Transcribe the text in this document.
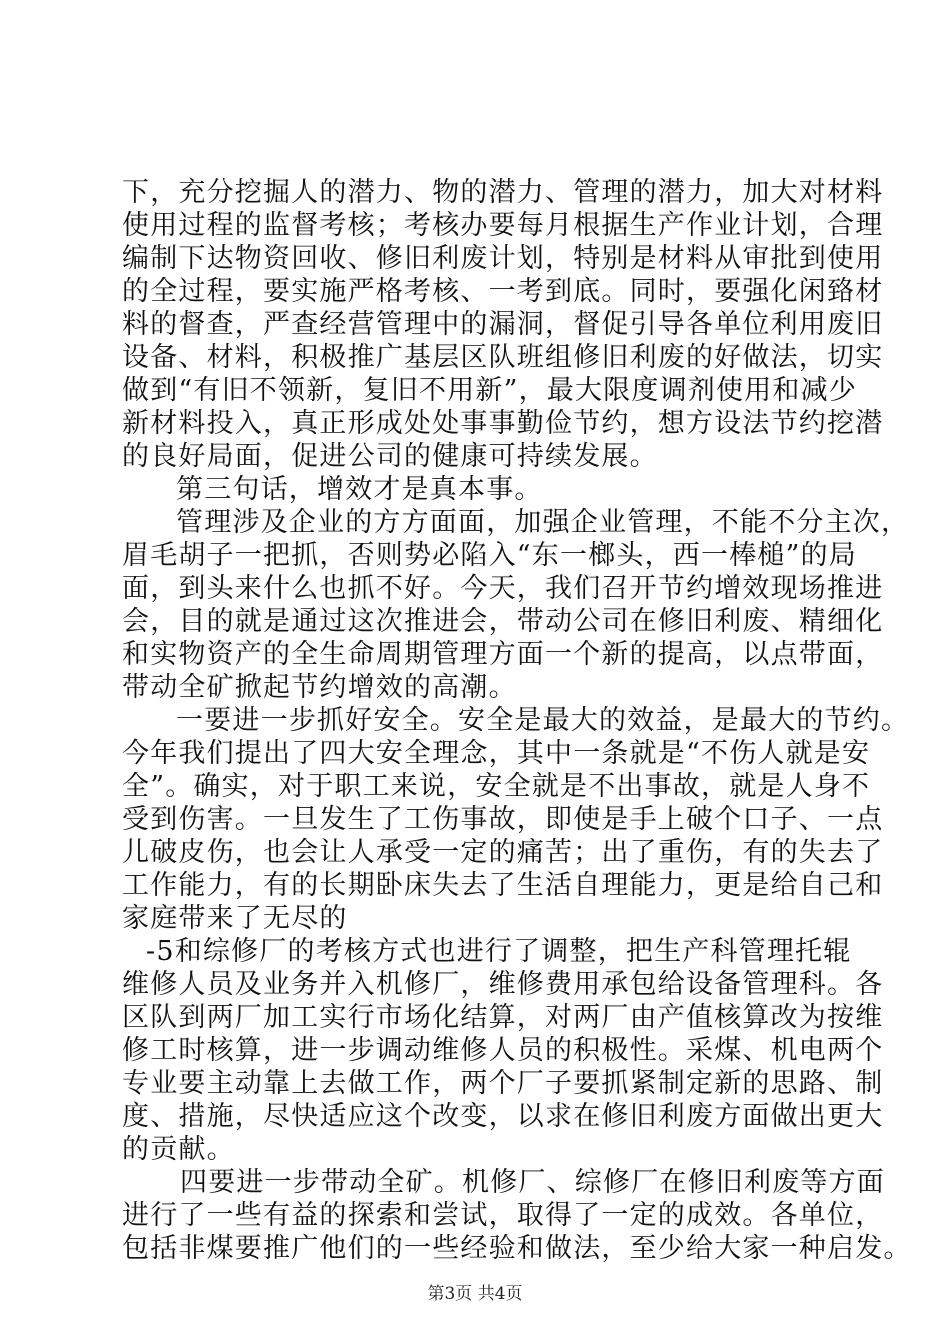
下，充分挖掘人的潜力、物的潜力、管理的潜力，加大对材料
使用过程的监督考核；考核办要每月根据生产作业计划，合理
编制下达物资回收、修旧利废计划，特别是材料从审批到使用
的全过程，要实施严格考核、一考到底。同时，要强化闲臵材
料的督查，严查经营管理中的漏洞，督促引导各单位利用废旧
设备、材料，积极推广基层区队班组修旧利废的好做法，切实
做到“有旧不领新，复旧不用新”，最大限度调剂使用和减少
新材料投入，真正形成处处事事勤俭节约，想方设法节约挖潜
的良好局面，促进公司的健康可持续发展。
第三句话，增效才是真本事。
管理涉及企业的方方面面，加强企业管理，不能不分主次，
眉毛胡子一把抓，否则势必陷入“东一榔头，西一棒槌”的局
面，到头来什么也抓不好。今天，我们召开节约增效现场推进
会，目的就是通过这次推进会，带动公司在修旧利废、精细化
和实物资产的全生命周期管理方面一个新的提高，以点带面，
带动全矿掀起节约增效的高潮。
一要进一步抓好安全。安全是最大的效益，是最大的节约。
今年我们提出了四大安全理念，其中一条就是“不伤人就是安
全”。确实，对于职工来说，安全就是不出事故，就是人身不
受到伤害。一旦发生了工伤事故，即使是手上破个口子、一点
儿破皮伤，也会让人承受一定的痛苦；出了重伤，有的失去了
工作能力，有的长期卧床失去了生活自理能力，更是给自己和
家庭带来了无尽的
-5和综修厂的考核方式也进行了调整，把生产科管理托辊
维修人员及业务并入机修厂，维修费用承包给设备管理科。各
区队到两厂加工实行市场化结算，对两厂由产值核算改为按维
修工时核算，进一步调动维修人员的积极性。采煤、机电两个
专业要主动靠上去做工作，两个厂子要抓紧制定新的思路、制
度、措施，尽快适应这个改变，以求在修旧利废方面做出更大
的贡献。
四要进一步带动全矿。机修厂、综修厂在修旧利废等方面
进行了一些有益的探索和尝试，取得了一定的成效。各单位，
包括非煤要推广他们的一些经验和做法，至少给大家一种启发。
第3页 共4页
